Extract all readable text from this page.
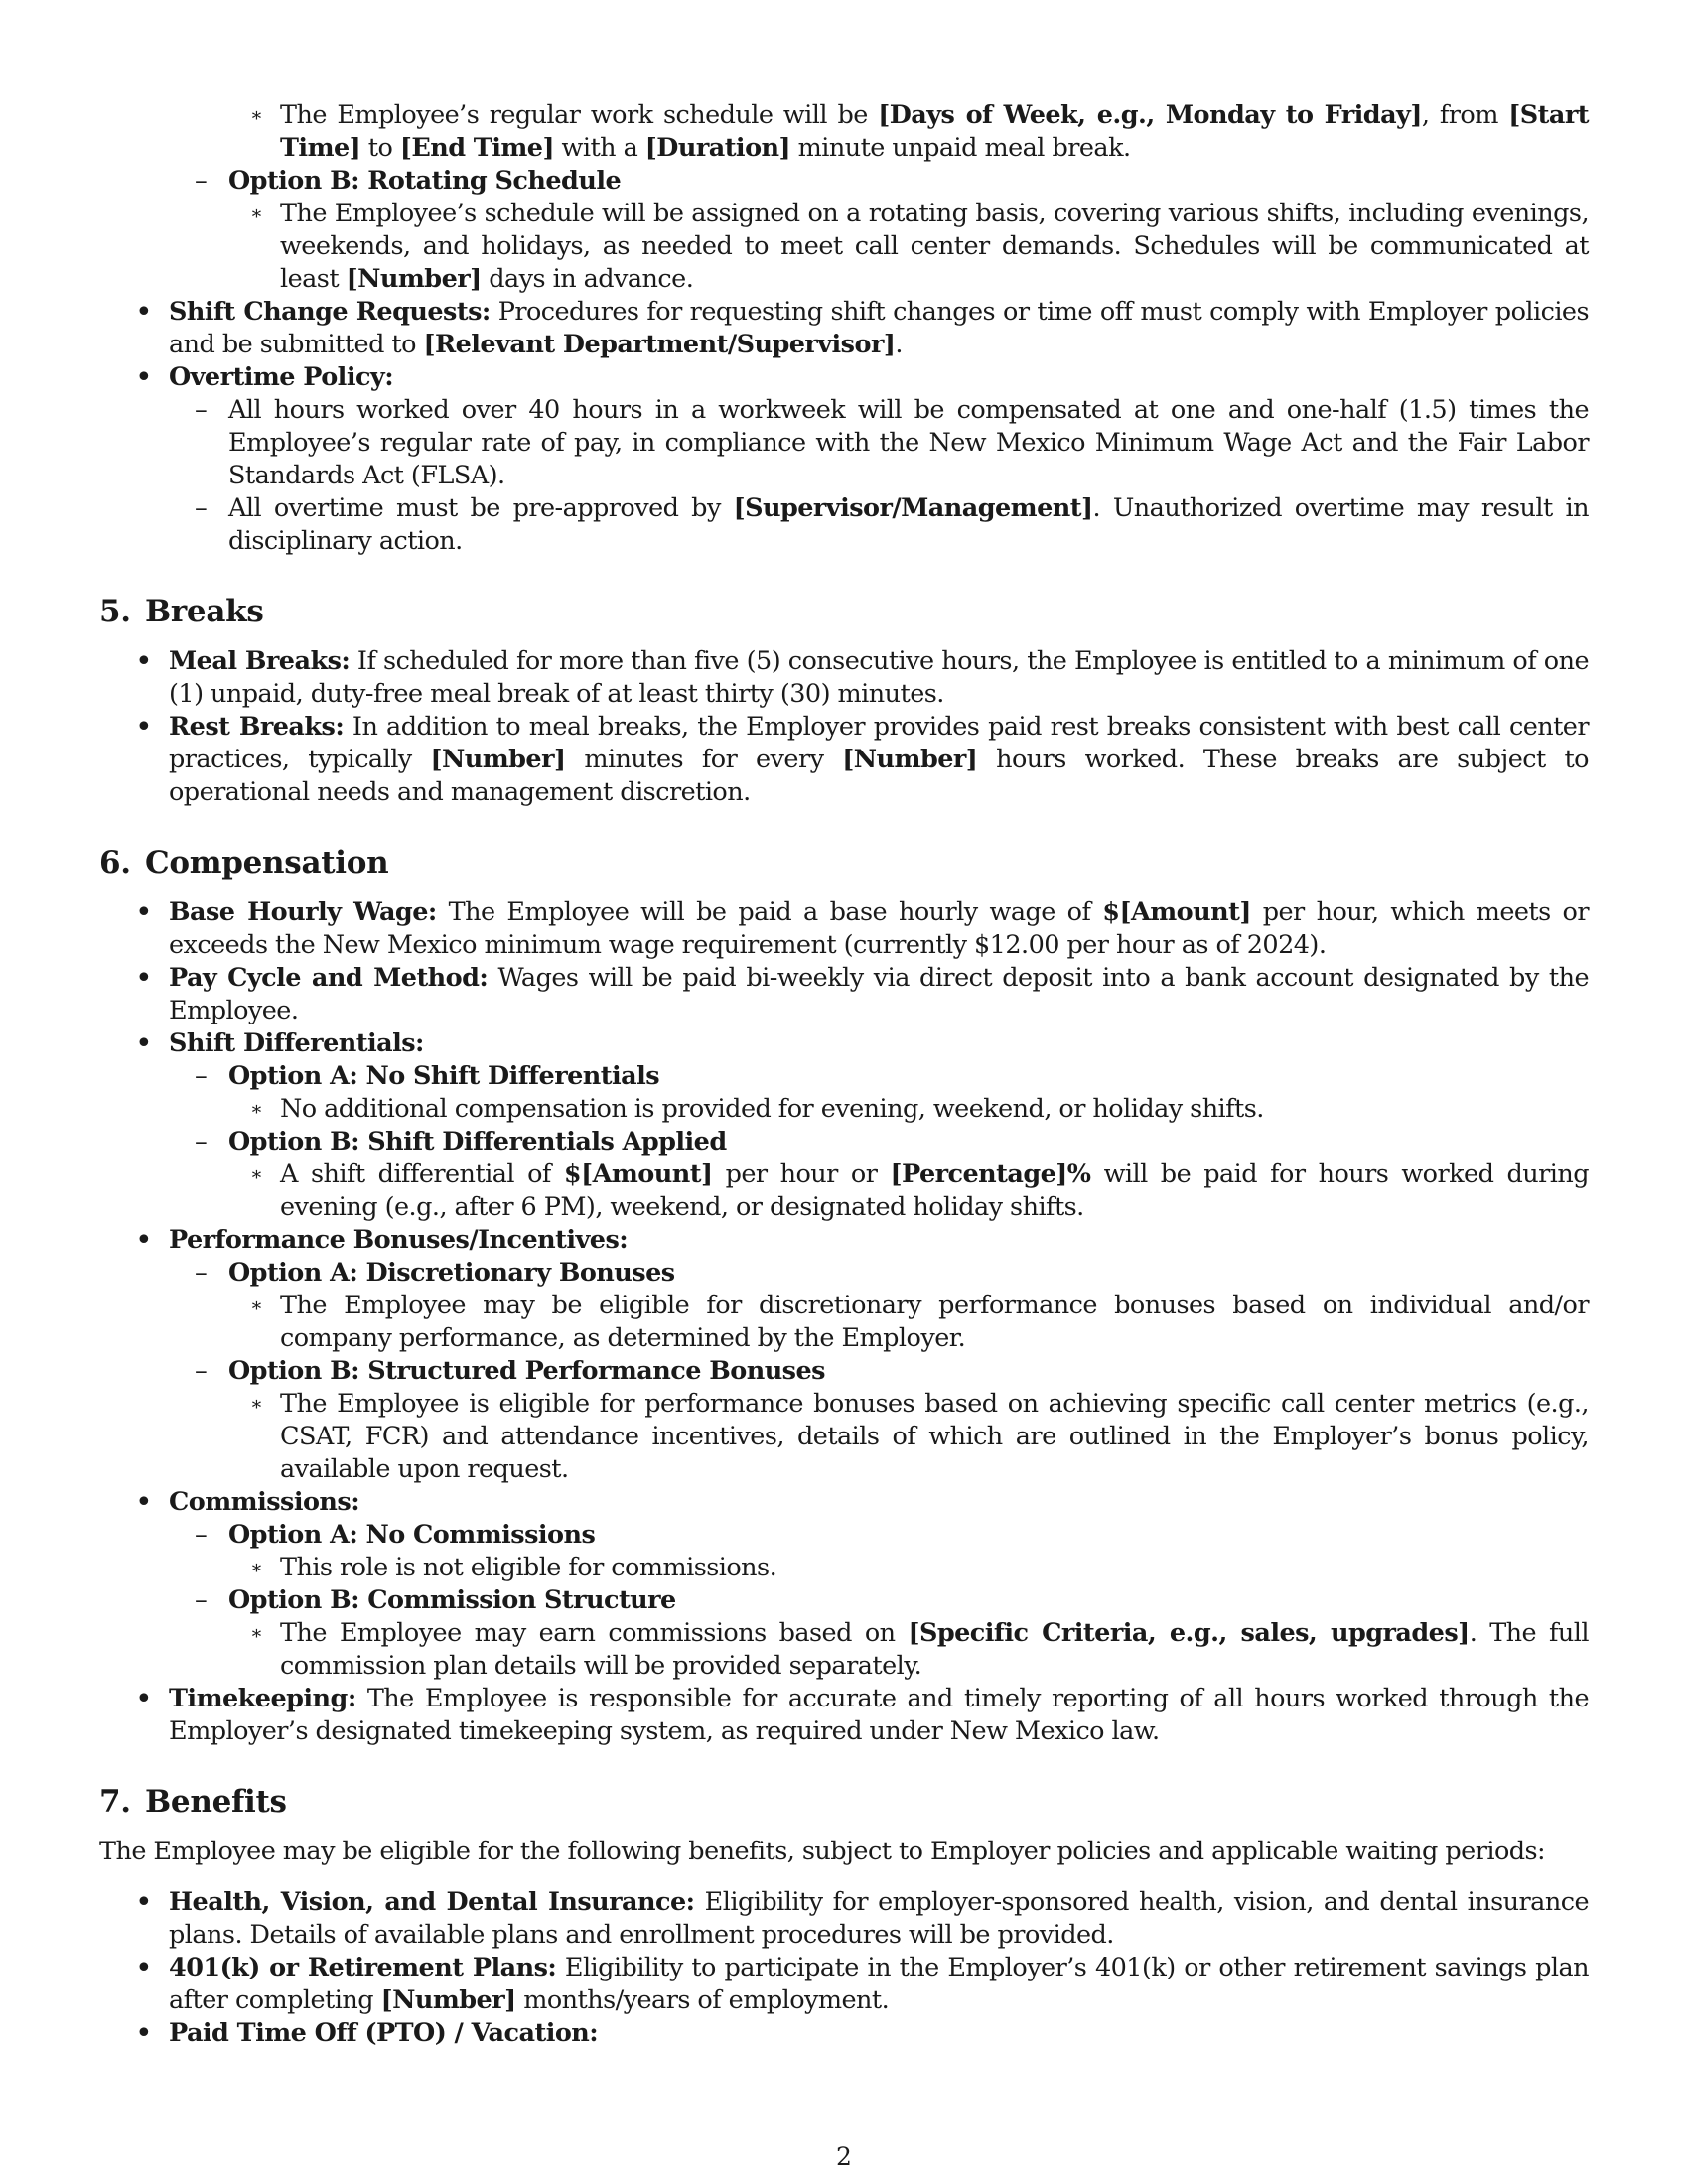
∗ The Employee’s regular work schedule will be [Days of Week, e.g., Monday to Friday], from [Start Time] to [End Time] with a [Duration] minute unpaid meal break.
– Option B: Rotating Schedule
∗ The Employee’s schedule will be assigned on a rotating basis, covering various shifts, including evenings, weekends, and holidays, as needed to meet call center demands. Schedules will be communicated at least [Number] days in advance.
• Shift Change Requests: Procedures for requesting shift changes or time off must comply with Employer policies and be submitted to [Relevant Department/Supervisor].
• Overtime Policy:
– All hours worked over 40 hours in a workweek will be compensated at one and one-half (1.5) times the Employee’s regular rate of pay, in compliance with the New Mexico Minimum Wage Act and the Fair Labor Standards Act (FLSA).
– All overtime must be pre-approved by [Supervisor/Management]. Unauthorized overtime may result in disciplinary action.
5. Breaks
• Meal Breaks: If scheduled for more than five (5) consecutive hours, the Employee is entitled to a minimum of one (1) unpaid, duty-free meal break of at least thirty (30) minutes.
• Rest Breaks: In addition to meal breaks, the Employer provides paid rest breaks consistent with best call center practices, typically [Number] minutes for every [Number] hours worked. These breaks are subject to operational needs and management discretion.
6. Compensation
• Base Hourly Wage: The Employee will be paid a base hourly wage of $[Amount] per hour, which meets or exceeds the New Mexico minimum wage requirement (currently $12.00 per hour as of 2024).
• Pay Cycle and Method: Wages will be paid bi-weekly via direct deposit into a bank account designated by the Employee.
• Shift Differentials:
– Option A: No Shift Differentials
∗ No additional compensation is provided for evening, weekend, or holiday shifts.
– Option B: Shift Differentials Applied
∗ A shift differential of $[Amount] per hour or [Percentage]% will be paid for hours worked during evening (e.g., after 6 PM), weekend, or designated holiday shifts.
• Performance Bonuses/Incentives:
– Option A: Discretionary Bonuses
∗ The Employee may be eligible for discretionary performance bonuses based on individual and/or company performance, as determined by the Employer.
– Option B: Structured Performance Bonuses
∗ The Employee is eligible for performance bonuses based on achieving specific call center metrics (e.g., CSAT, FCR) and attendance incentives, details of which are outlined in the Employer’s bonus policy, available upon request.
• Commissions:
– Option A: No Commissions
∗ This role is not eligible for commissions.
– Option B: Commission Structure
∗ The Employee may earn commissions based on [Specific Criteria, e.g., sales, upgrades]. The full commission plan details will be provided separately.
• Timekeeping: The Employee is responsible for accurate and timely reporting of all hours worked through the Employer’s designated timekeeping system, as required under New Mexico law.
7. Benefits
The Employee may be eligible for the following benefits, subject to Employer policies and applicable waiting periods:
• Health, Vision, and Dental Insurance: Eligibility for employer-sponsored health, vision, and dental insurance plans. Details of available plans and enrollment procedures will be provided.
• 401(k) or Retirement Plans: Eligibility to participate in the Employer’s 401(k) or other retirement savings plan after completing [Number] months/years of employment.
• Paid Time Off (PTO) / Vacation:
2
